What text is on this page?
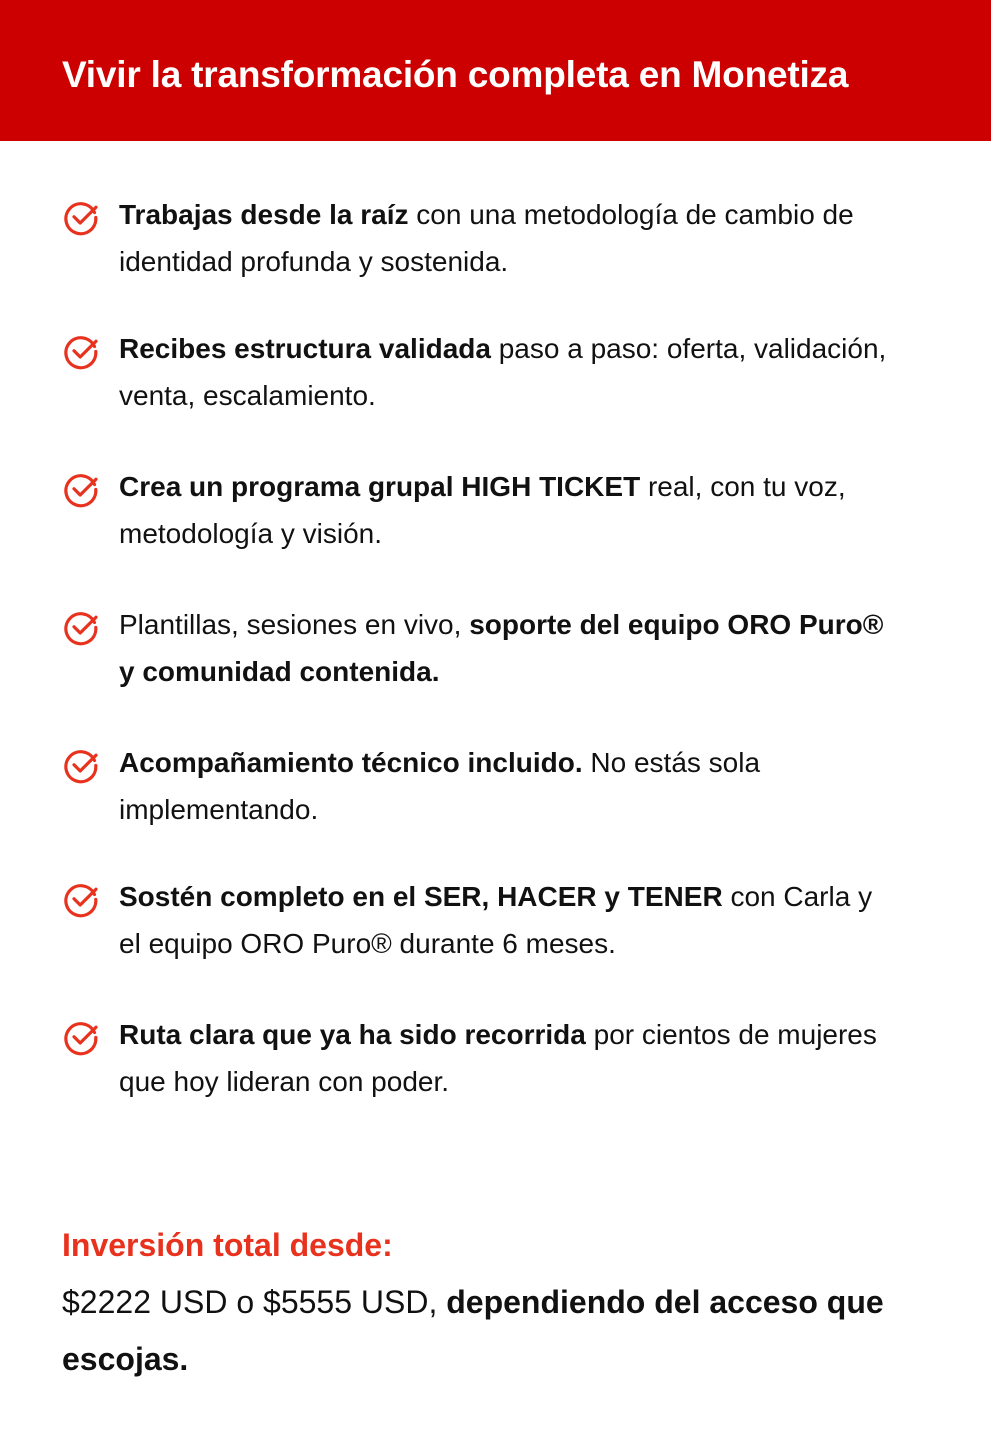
Vivir la transformación completa en Monetiza

Trabajas desde la raíz con una metodología de cambio de identidad profunda y sostenida.

Recibes estructura validada paso a paso: oferta, validación, venta, escalamiento.

Crea un programa grupal HIGH TICKET real, con tu voz, metodología y visión.

Plantillas, sesiones en vivo, soporte del equipo ORO Puro® y comunidad contenida.

Acompañamiento técnico incluido. No estás sola implementando.

Sostén completo en el SER, HACER y TENER con Carla y el equipo ORO Puro® durante 6 meses.

Ruta clara que ya ha sido recorrida por cientos de mujeres que hoy lideran con poder.

Inversión total desde:

$2222 USD o $5555 USD, dependiendo del acceso que escojas.
